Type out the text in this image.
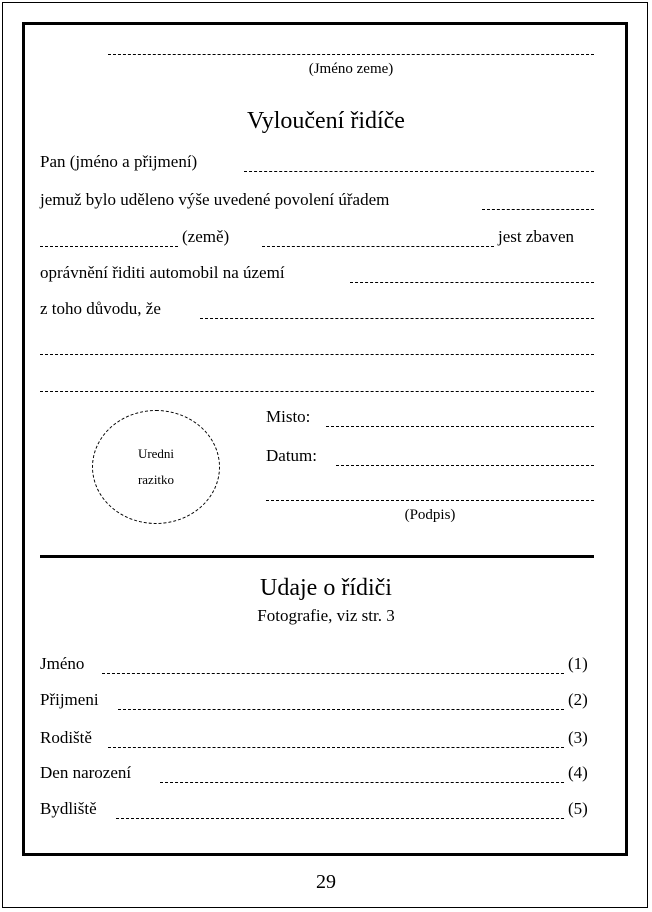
(Jméno zeme)
Vyloučení řidíče
Pan (jméno a přijmení)
jemuž bylo uděleno výše uvedené povolení úřadem
(země)	jest zbaven
oprávnění řiditi automobil na území
z toho důvodu, že
Uredni
razitko
Misto:
Datum:
(Podpis)
Udaje o řídiči
Fotografie, viz str. 3
Jméno	(1)
Přijmeni	(2)
Rodiště	(3)
Den narození	(4)
Bydliště	(5)
29
